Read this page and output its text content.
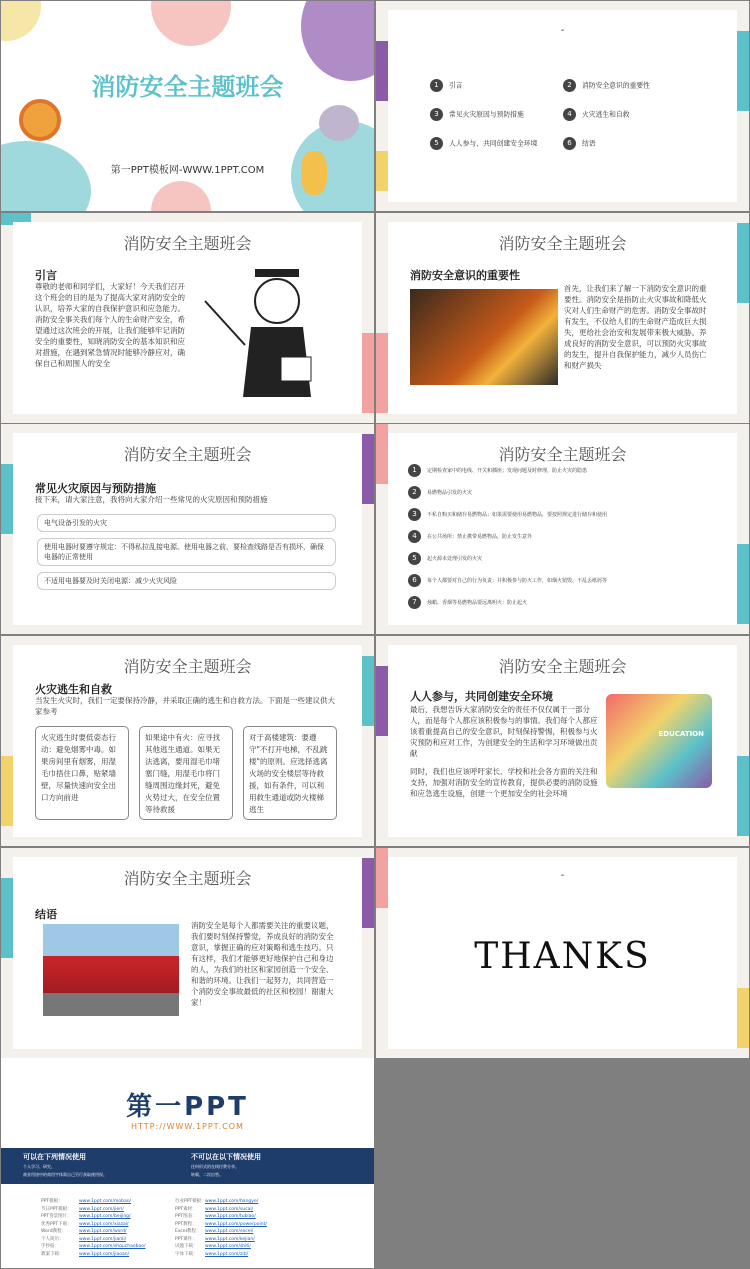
消防安全主题班会
第一PPT模板网-WWW.1PPT.COM
-
1 引言	2 消防安全意识的重要性
3 常见火灾原因与预防措施	4 火灾逃生和自救
5 人人参与，共同创建安全环境	6 结语
消防安全主题班会
引言
尊敬的老师和同学们，大家好！今天我们召开这个班会的目的是为了提高大家对消防安全的认识，培养大家的自我保护意识和应急能力。消防安全事关我们每个人的生命财产安全，希望通过这次班会的开展，让我们能够牢记消防安全的重要性，知晓消防安全的基本知识和应对措施，在遇到紧急情况时能够冷静应对，确保自己和周围人的安全
消防安全主题班会
消防安全意识的重要性
首先，让我们来了解一下消防安全意识的重要性。消防安全是指防止火灾事故和降低火灾对人们生命财产的危害。消防安全事故时有发生，不仅给人们的生命财产造成巨大损失，更给社会治安和发展带来极大威胁。养成良好的消防安全意识，可以预防火灾事故的发生，提升自我保护能力，减少人员伤亡和财产损失
消防安全主题班会
常见火灾原因与预防措施
接下来，请大家注意，我将向大家介绍一些常见的火灾原因和预防措施
电气设备引发的火灾
使用电器时要遵守规定：不得私拉乱接电源。使用电器之前，要检查线路是否有损坏，确保电器的正常使用
不适用电器要及时关闭电源：减少火灾风险
消防安全主题班会
1 定期检查家中的电线、开关和插座；发现问题及时修理，防止火灾的隐患
2 易燃物品引发的火灾
3 不私自购买和储存易燃物品；如果需要使用易燃物品，要按照规定进行储存和使用
4 在公共场所：禁止携带易燃物品，防止发生意外
5 起火源未处理引发的火灾
6 每个人都要对自己的行为负责：并积极参与防火工作，如烟火销毁、不乱丢纸屑等
7 烛蜡、香烟等易燃物品要远离明火：防止起火
消防安全主题班会
火灾逃生和自救
当发生火灾时，我们一定要保持冷静，并采取正确的逃生和自救方法。下面是一些建议供大家参考
火灾逃生时要低姿态行动：避免烟雾中毒。如果房间里有烟雾，用湿毛巾捂住口鼻，贴紧墙壁，尽量快速向安全出口方向前进
如果途中有火：应寻找其他逃生通道。如果无法逃离，要用湿毛巾堵塞门缝，用湿毛巾将门缝周围边缘封死，避免火势过大，在安全位置等待救援
对于高楼建筑：要遵守"不打开电梯，不乱跳楼"的原则。应选择逃离火场的安全楼层等待救援，如有条件，可以利用救生通道或防火楼梯逃生
消防安全主题班会
人人参与，共同创建安全环境
最后，我想告诉大家消防安全的责任不仅仅属于一部分人，而是每个人都应该积极参与的事情。我们每个人都应该着重提高自己的安全意识，时刻保持警惕，积极参与火灾预防和应对工作，为创建安全的生活和学习环境做出贡献
同时，我们也应该呼吁家长、学校和社会各方面的关注和支持，加强对消防安全的宣传教育，提供必要的消防设施和应急逃生设施，创建一个更加安全的社会环境
EDUCATION
消防安全主题班会
结语
消防安全是每个人都需要关注的重要议题，我们要时刻保持警觉，养成良好的消防安全意识，掌握正确的应对策略和逃生技巧。只有这样，我们才能够更好地保护自己和身边的人，为我们的社区和家园创造一个安全、和谐的环境。让我们一起努力，共同营造一个消防安全事故最低的社区和校园！谢谢大家！
-
THANKS
第一PPT
HTTP://WWW.1PPT.COM
可以在下列情况使用
个人学习、研究。
商业用途中的商用字体需自己另行获取使用权。
不可以在以下情况使用
任何形式的在线付费分享。
转载、二次出售。
PPT模板：	www.1ppt.com/moban/	行业PPT模板：www.1ppt.com/hangye/
节日PPT模板： www.1ppt.com/jieri/	PPT素材： www.1ppt.com/sucai/
PPT背景图片： www.1ppt.com/beijing/	PPT图表： www.1ppt.com/tubiao/
优秀PPT下载： www.1ppt.com/xiazai/	PPT教程： www.1ppt.com/powerpoint/
Word教程：	www.1ppt.com/word/	Excel教程： www.1ppt.com/excel/
个人简历：	www.1ppt.com/jianli/	PPT课件： www.1ppt.com/kejian/
手抄报：	www.1ppt.com/shouchaobao/	试题下载： www.1ppt.com/shiti/
教案下载：	www.1ppt.com/jiaoan/	字体下载： www.1ppt.com/ziti/
